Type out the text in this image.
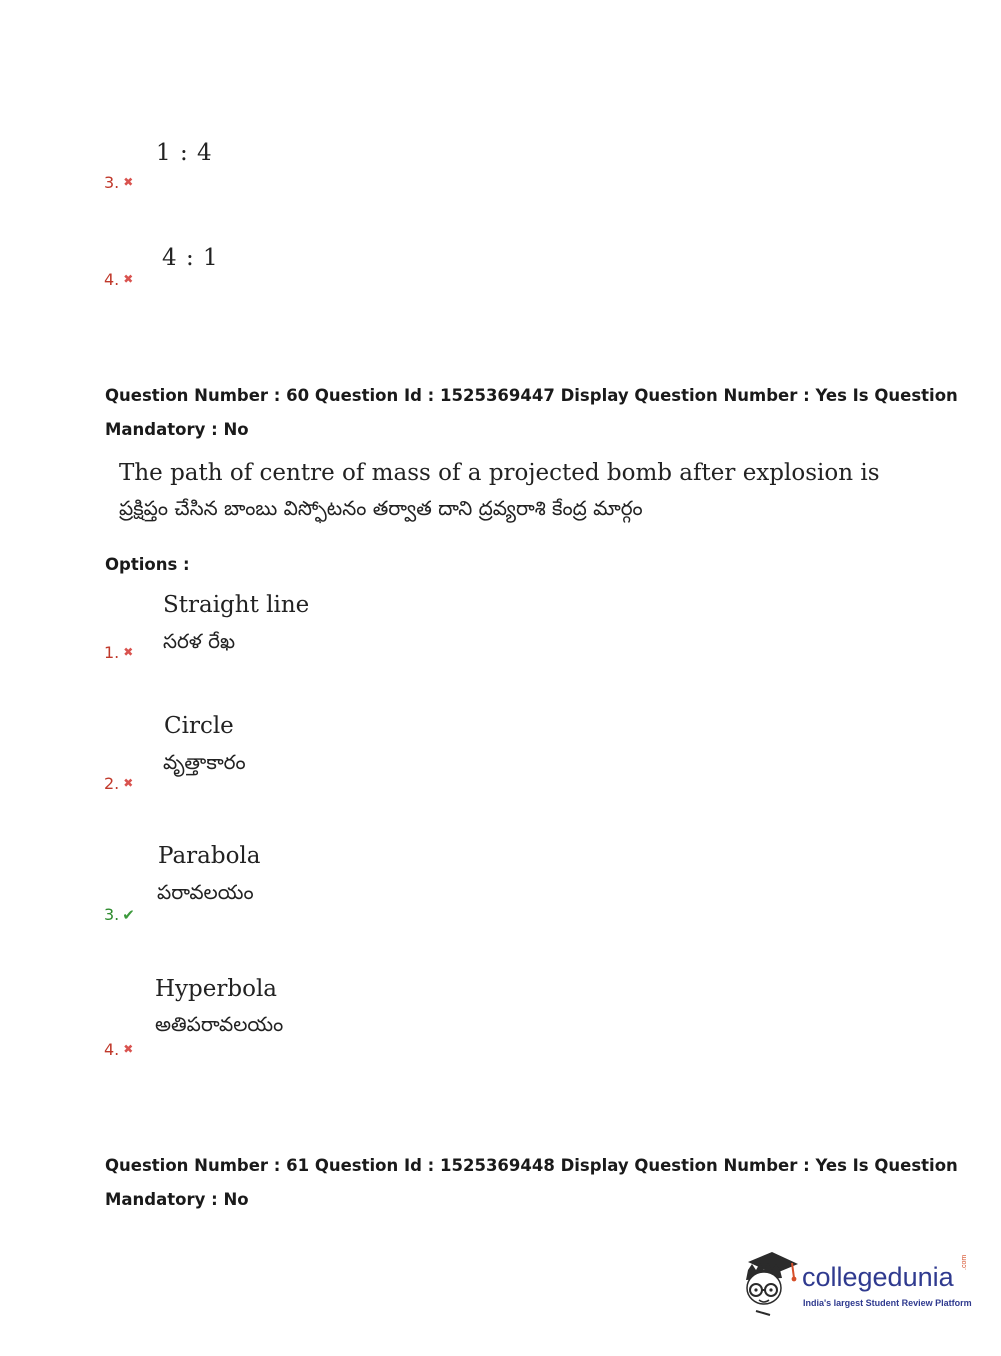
1 : 4
3. ✖
4 : 1
4. ✖
Question Number : 60 Question Id : 1525369447 Display Question Number : Yes Is Question
Mandatory : No
The path of centre of mass of a projected bomb after explosion is
ప్రక్షిప్తం చేసిన బాంబు విస్ఫోటనం తర్వాత దాని ద్రవ్యరాశి కేంద్ర మార్గం
Options :
Straight line
సరళ రేఖ
1. ✖
Circle
వృత్తాకారం
2. ✖
Parabola
పరావలయం
3. ✔
Hyperbola
అతిపరావలయం
4. ✖
Question Number : 61 Question Id : 1525369448 Display Question Number : Yes Is Question
Mandatory : No
collegedunia .com
India's largest Student Review Platform
